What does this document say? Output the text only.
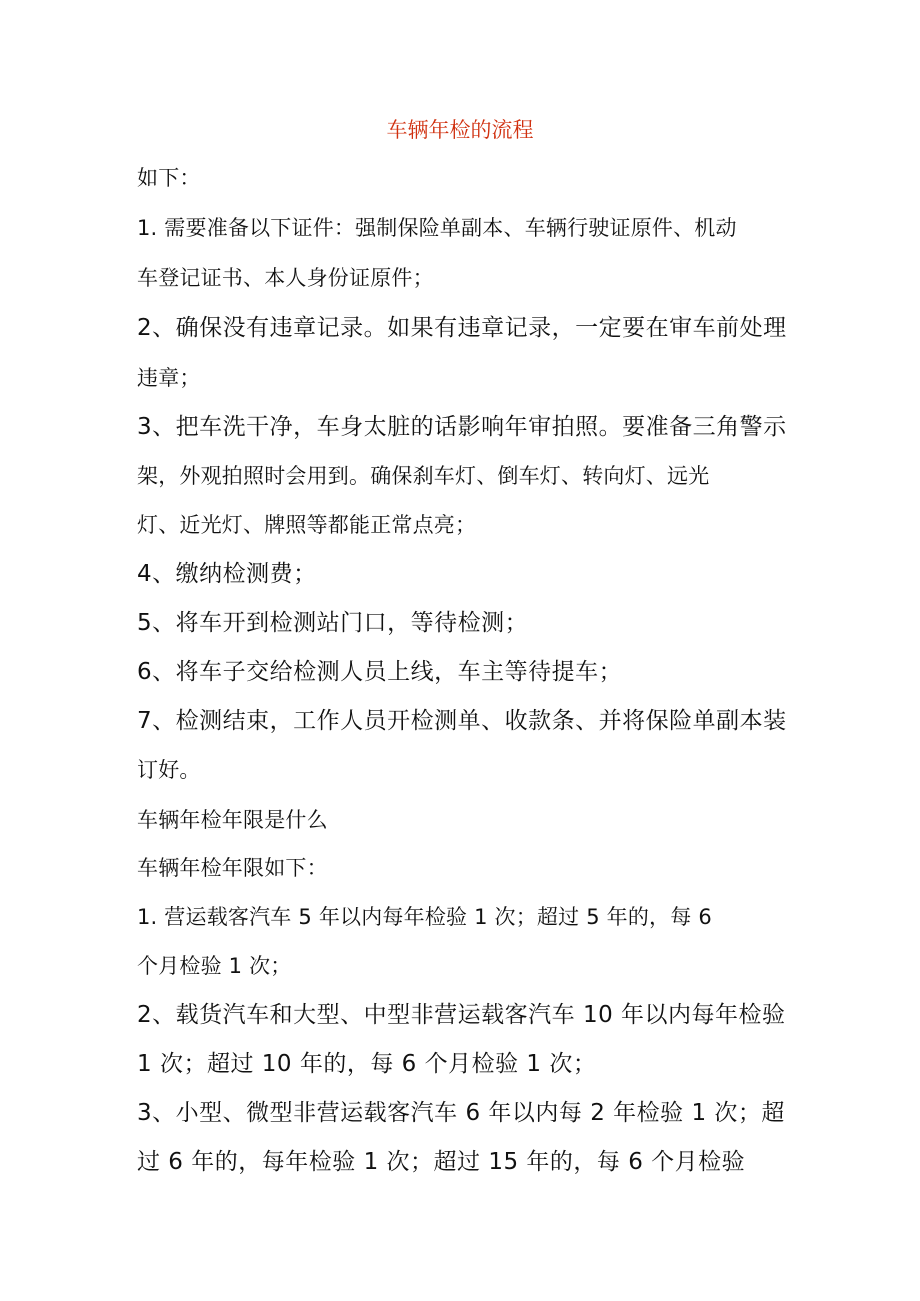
车辆年检的流程
如下：
1. 需要准备以下证件：强制保险单副本、车辆行驶证原件、机动
车登记证书、本人身份证原件；
2、确保没有违章记录。如果有违章记录，一定要在审车前处理
违章；
3、把车洗干净，车身太脏的话影响年审拍照。要准备三角警示
架，外观拍照时会用到。确保刹车灯、倒车灯、转向灯、远光
灯、近光灯、牌照等都能正常点亮；
4、缴纳检测费；
5、将车开到检测站门口，等待检测；
6、将车子交给检测人员上线，车主等待提车；
7、检测结束，工作人员开检测单、收款条、并将保险单副本装
订好。
车辆年检年限是什么
车辆年检年限如下：
1. 营运载客汽车 5 年以内每年检验 1 次；超过 5 年的，每 6
个月检验 1 次；
2、载货汽车和大型、中型非营运载客汽车 10 年以内每年检验
1 次；超过 10 年的，每 6 个月检验 1 次；
3、小型、微型非营运载客汽车 6 年以内每 2 年检验 1 次；超
过 6 年的，每年检验 1 次；超过 15 年的，每 6 个月检验
